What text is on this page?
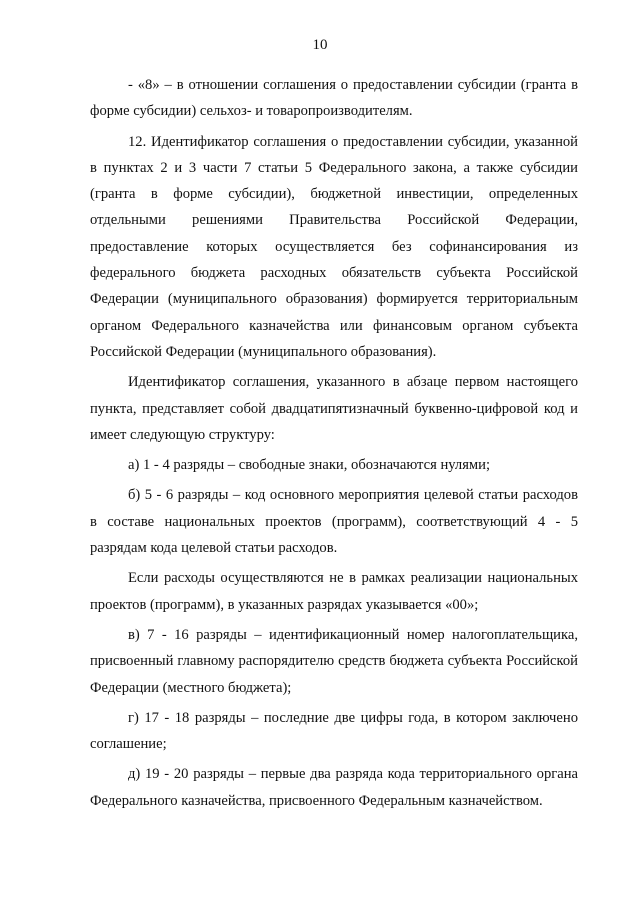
10

- «8» – в отношении соглашения о предоставлении субсидии (гранта в форме субсидии) сельхоз- и товаропроизводителям.

12. Идентификатор соглашения о предоставлении субсидии, указанной в пунктах 2 и 3 части 7 статьи 5 Федерального закона, а также субсидии (гранта в форме субсидии), бюджетной инвестиции, определенных отдельными решениями Правительства Российской Федерации, предоставление которых осуществляется без софинансирования из федерального бюджета расходных обязательств субъекта Российской Федерации (муниципального образования) формируется территориальным органом Федерального казначейства или финансовым органом субъекта Российской Федерации (муниципального образования).

Идентификатор соглашения, указанного в абзаце первом настоящего пункта, представляет собой двадцатипятизначный буквенно-цифровой код и имеет следующую структуру:

а) 1 - 4 разряды – свободные знаки, обозначаются нулями;

б) 5 - 6 разряды – код основного мероприятия целевой статьи расходов в составе национальных проектов (программ), соответствующий 4 - 5 разрядам кода целевой статьи расходов.

Если расходы осуществляются не в рамках реализации национальных проектов (программ), в указанных разрядах указывается «00»;

в) 7 - 16 разряды – идентификационный номер налогоплательщика, присвоенный главному распорядителю средств бюджета субъекта Российской Федерации (местного бюджета);

г) 17 - 18 разряды – последние две цифры года, в котором заключено соглашение;

д) 19 - 20 разряды – первые два разряда кода территориального органа Федерального казначейства, присвоенного Федеральным казначейством.
